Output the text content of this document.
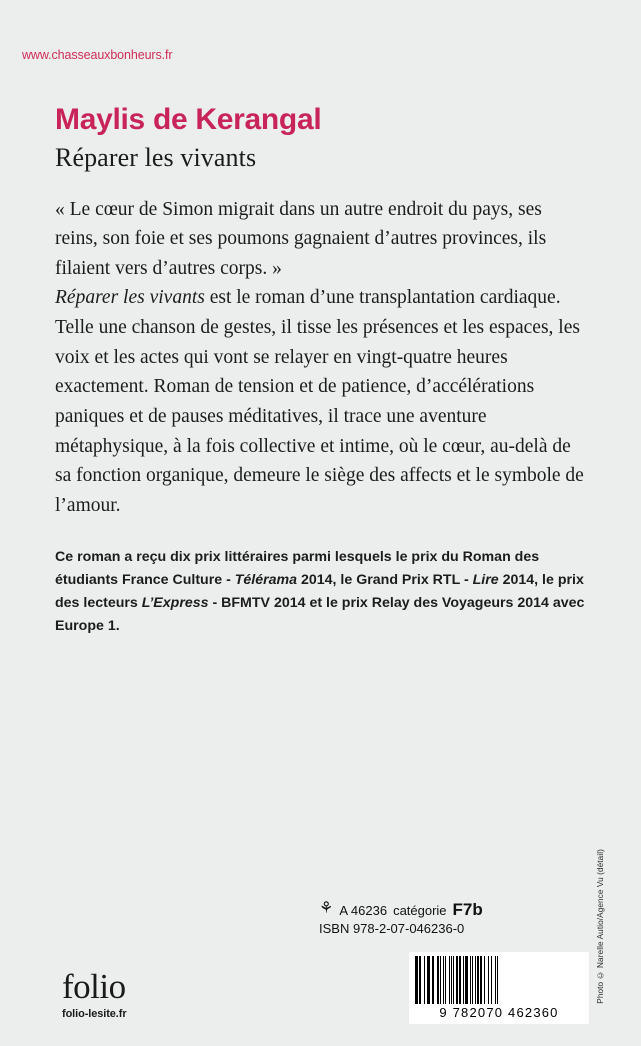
www.chasseauxbonheurs.fr
Maylis de Kerangal
Réparer les vivants

« Le cœur de Simon migrait dans un autre endroit du pays, ses reins, son foie et ses poumons gagnaient d’autres provinces, ils filaient vers d’autres corps. »
Réparer les vivants est le roman d’une transplantation cardiaque. Telle une chanson de gestes, il tisse les présences et les espaces, les voix et les actes qui vont se relayer en vingt-quatre heures exactement. Roman de tension et de patience, d’accélérations paniques et de pauses méditatives, il trace une aventure métaphysique, à la fois collective et intime, où le cœur, au-delà de sa fonction organique, demeure le siège des affects et le symbole de l’amour.

Ce roman a reçu dix prix littéraires parmi lesquels le prix du Roman des étudiants France Culture - Télérama 2014, le Grand Prix RTL - Lire 2014, le prix des lecteurs L’Express - BFMTV 2014 et le prix Relay des Voyageurs 2014 avec Europe 1.

folio
folio-lesite.fr
⚘ A 46236 catégorie F7b
ISBN 978-2-07-046236-0	Photo © Narelle Autio/Agence Vu (détail)
9 782070 462360
